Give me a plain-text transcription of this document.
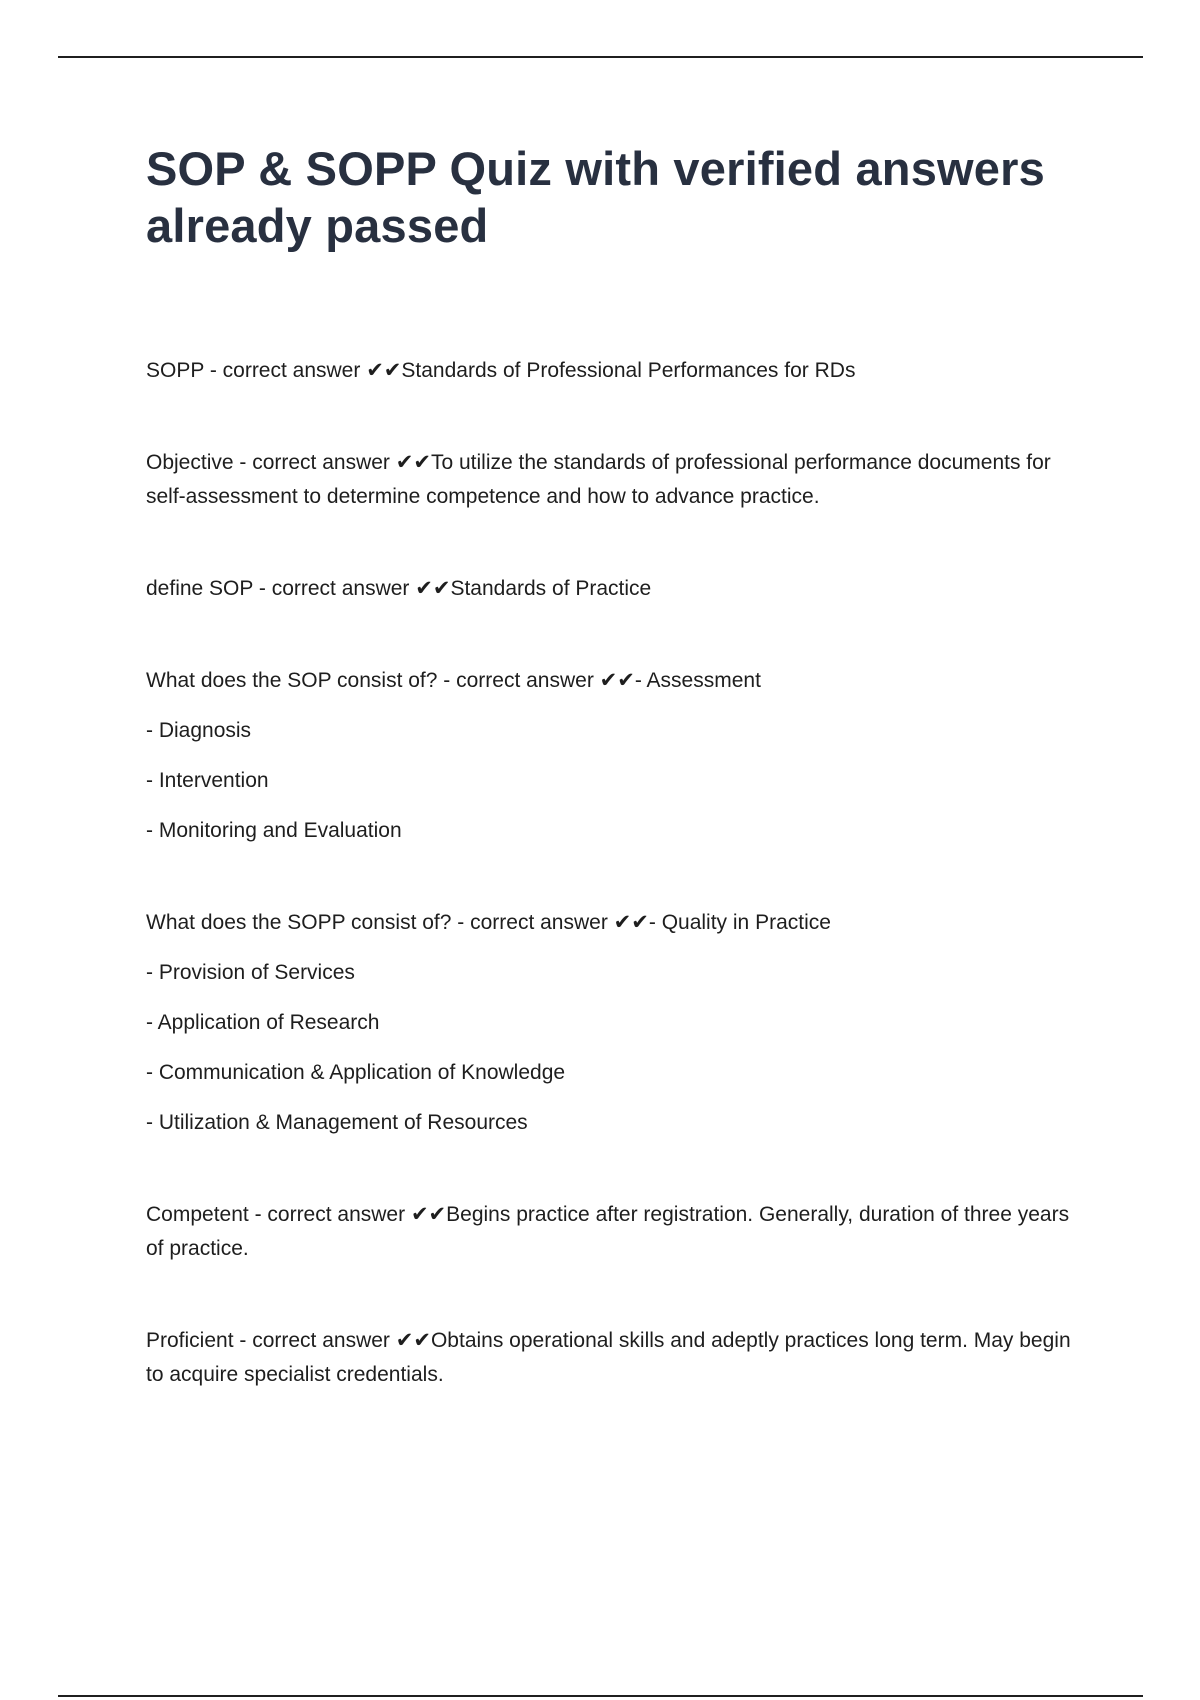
SOP & SOPP Quiz with verified answers already passed

SOPP - correct answer ✔✔Standards of Professional Performances for RDs

Objective - correct answer ✔✔To utilize the standards of professional performance documents for self-assessment to determine competence and how to advance practice.

define SOP - correct answer ✔✔Standards of Practice

What does the SOP consist of? - correct answer ✔✔- Assessment

- Diagnosis
- Intervention
- Monitoring and Evaluation

What does the SOPP consist of? - correct answer ✔✔- Quality in Practice

- Provision of Services
- Application of Research
- Communication & Application of Knowledge
- Utilization & Management of Resources

Competent - correct answer ✔✔Begins practice after registration. Generally, duration of three years of practice.

Proficient - correct answer ✔✔Obtains operational skills and adeptly practices long term. May begin to acquire specialist credentials.
